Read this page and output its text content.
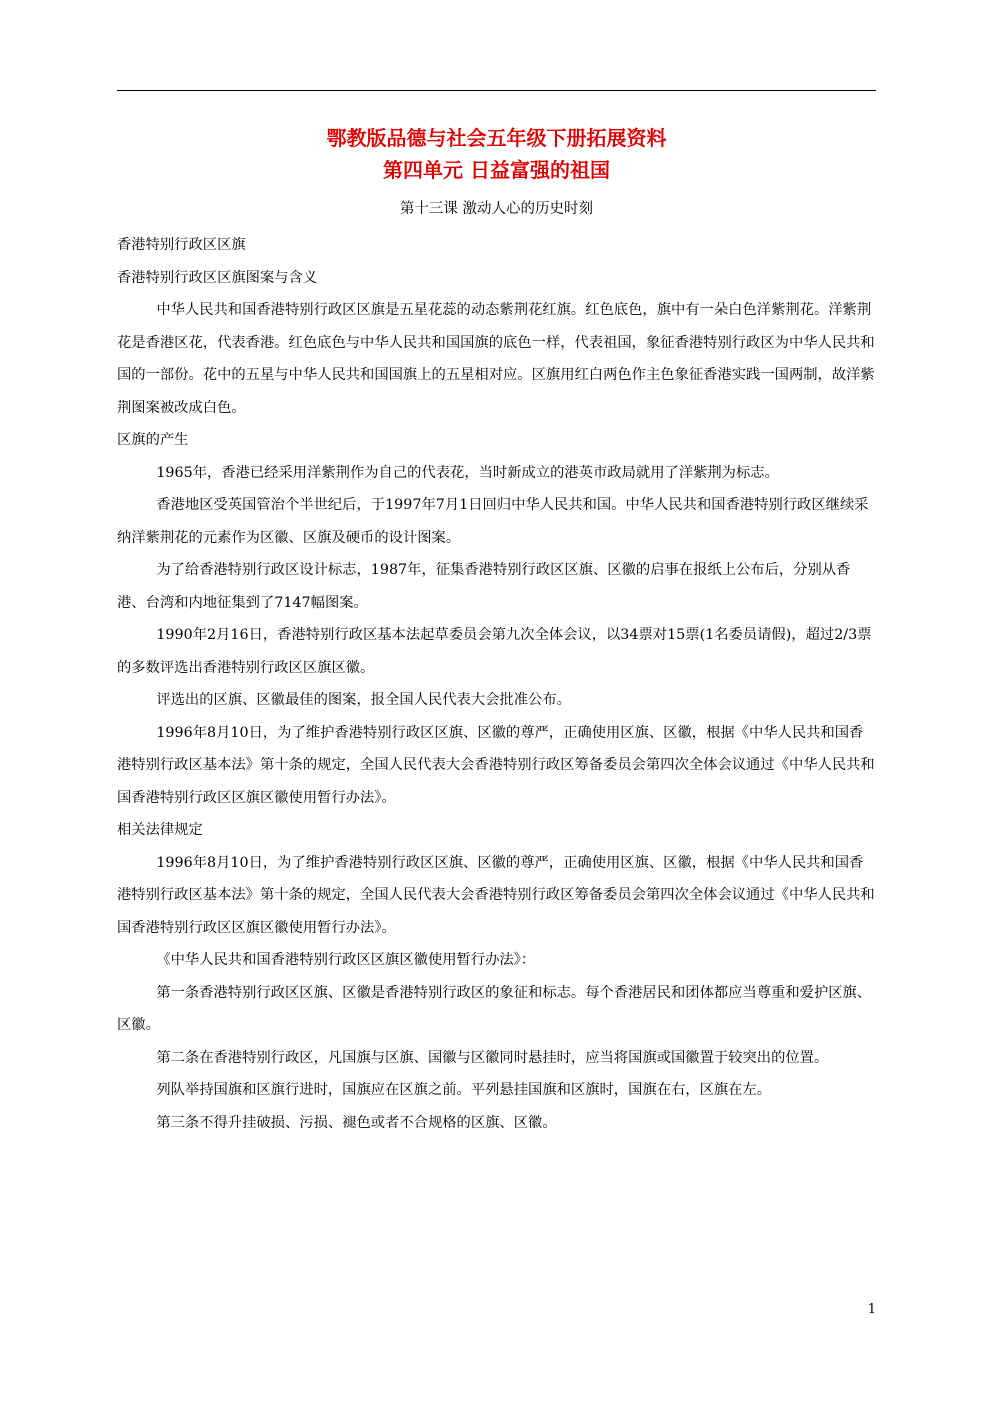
鄂教版品德与社会五年级下册拓展资料
第四单元 日益富强的祖国
第十三课 激动人心的历史时刻

香港特别行政区区旗

香港特别行政区区旗图案与含义

中华人民共和国香港特别行政区区旗是五星花蕊的动态紫荆花红旗。红色底色，旗中有一朵白色洋紫荆花。洋紫荆花是香港区花，代表香港。红色底色与中华人民共和国国旗的底色一样，代表祖国，象征香港特别行政区为中华人民共和国的一部份。花中的五星与中华人民共和国国旗上的五星相对应。区旗用红白两色作主色象征香港实践一国两制，故洋紫荆图案被改成白色。

区旗的产生

1965年，香港已经采用洋紫荆作为自己的代表花，当时新成立的港英市政局就用了洋紫荆为标志。

香港地区受英国管治个半世纪后，于1997年7月1日回归中华人民共和国。中华人民共和国香港特别行政区继续采纳洋紫荆花的元素作为区徽、区旗及硬币的设计图案。

为了给香港特别行政区设计标志，1987年，征集香港特别行政区区旗、区徽的启事在报纸上公布后，分别从香港、台湾和内地征集到了7147幅图案。

1990年2月16日，香港特别行政区基本法起草委员会第九次全体会议，以34票对15票(1名委员请假)，超过2/3票的多数评选出香港特别行政区区旗区徽。

评选出的区旗、区徽最佳的图案，报全国人民代表大会批准公布。

1996年8月10日，为了维护香港特别行政区区旗、区徽的尊严，正确使用区旗、区徽，根据《中华人民共和国香港特别行政区基本法》第十条的规定，全国人民代表大会香港特别行政区筹备委员会第四次全体会议通过《中华人民共和国香港特别行政区区旗区徽使用暂行办法》。

相关法律规定

1996年8月10日，为了维护香港特别行政区区旗、区徽的尊严，正确使用区旗、区徽，根据《中华人民共和国香港特别行政区基本法》第十条的规定，全国人民代表大会香港特别行政区筹备委员会第四次全体会议通过《中华人民共和国香港特别行政区区旗区徽使用暂行办法》。

《中华人民共和国香港特别行政区区旗区徽使用暂行办法》：

第一条香港特别行政区区旗、区徽是香港特别行政区的象征和标志。每个香港居民和团体都应当尊重和爱护区旗、区徽。

第二条在香港特别行政区，凡国旗与区旗、国徽与区徽同时悬挂时，应当将国旗或国徽置于较突出的位置。

列队举持国旗和区旗行进时，国旗应在区旗之前。平列悬挂国旗和区旗时，国旗在右，区旗在左。

第三条不得升挂破损、污损、褪色或者不合规格的区旗、区徽。

1
